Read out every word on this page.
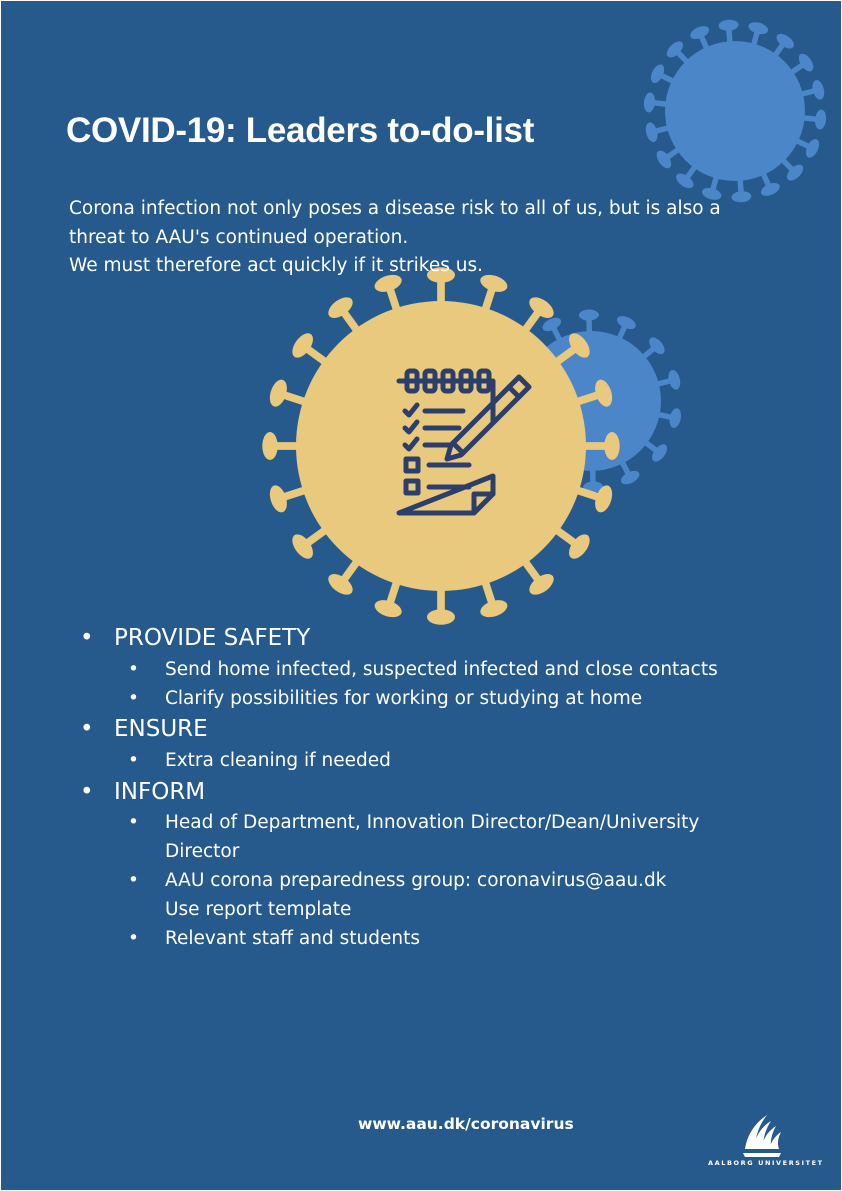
COVID-19: Leaders to-do-list

Corona infection not only poses a disease risk to all of us, but is also a
threat to AAU's continued operation.
We must therefore act quickly if it strikes us.

• PROVIDE SAFETY
• Send home infected, suspected infected and close contacts
• Clarify possibilities for working or studying at home
• ENSURE
• Extra cleaning if needed
• INFORM
• Head of Department, Innovation Director/Dean/University
Director
• AAU corona preparedness group: coronavirus@aau.dk
Use report template
• Relevant staff and students

www.aau.dk/coronavirus

AALBORG UNIVERSITET
